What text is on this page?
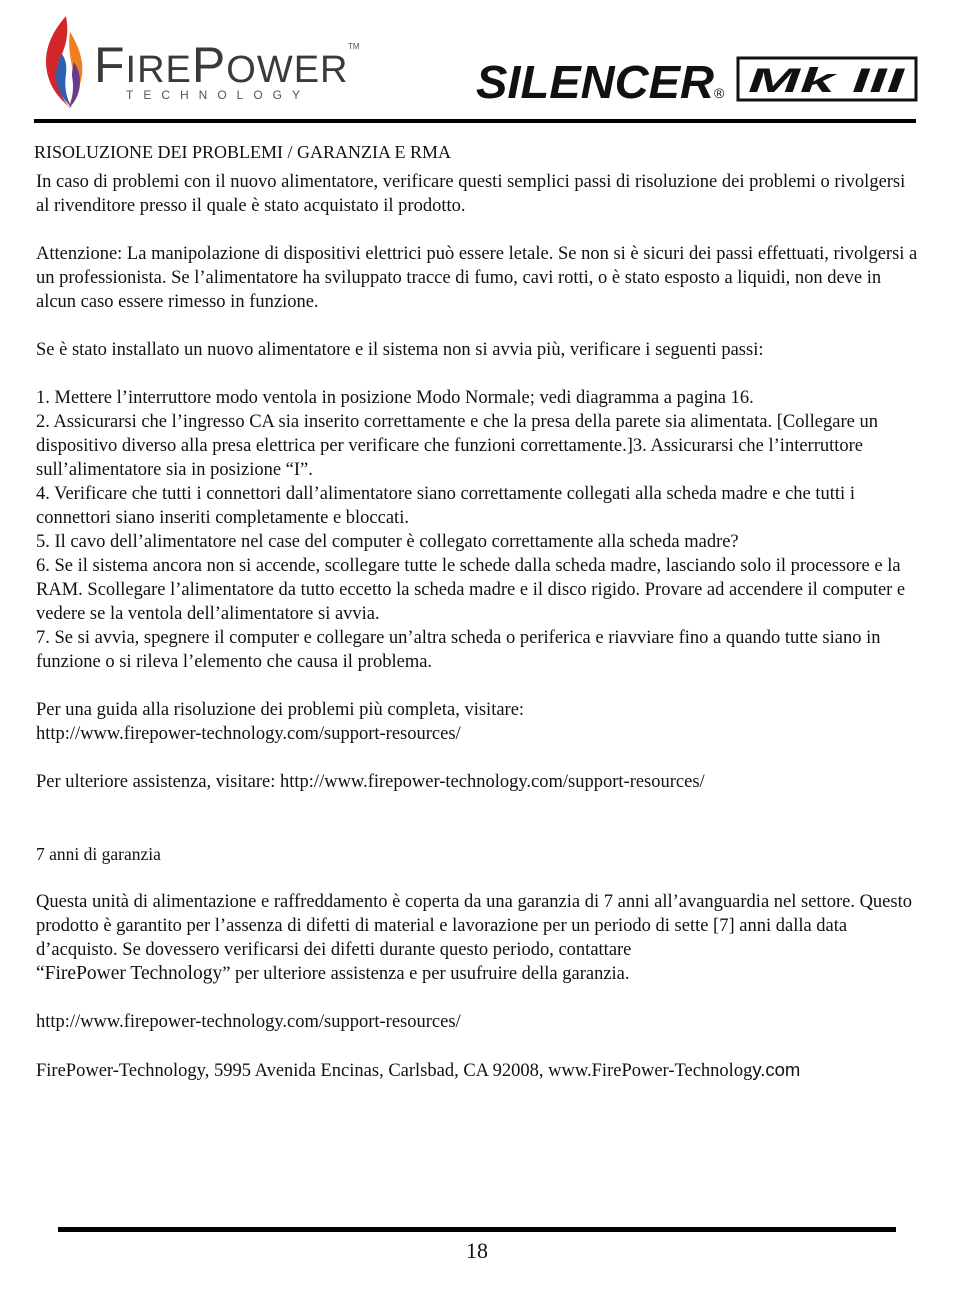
FIREPOWER
TM
TECHNOLOGY	SILENCER ® Mk III
RISOLUZIONE DEI PROBLEMI / GARANZIA E RMA

In caso di problemi con il nuovo alimentatore, verificare questi semplici passi di risoluzione dei problemi o rivolgersi al rivenditore presso il quale è stato acquistato il prodotto.

Attenzione: La manipolazione di dispositivi elettrici può essere letale. Se non si è sicuri dei passi effettuati, rivolgersi a un professionista. Se l’alimentatore ha sviluppato tracce di fumo, cavi rotti, o è stato esposto a liquidi, non deve in alcun caso essere rimesso in funzione.

Se è stato installato un nuovo alimentatore e il sistema non si avvia più, verificare i seguenti passi:

1. Mettere l’interruttore modo ventola in posizione Modo Normale; vedi diagramma a pagina 16.

2. Assicurarsi che l’ingresso CA sia inserito correttamente e che la presa della parete sia alimentata. [Collegare un dispositivo diverso alla presa elettrica per verificare che funzioni correttamente.]3. Assicurarsi che l’interruttore sull’alimentatore sia in posizione “I”.

4. Verificare che tutti i connettori dall’alimentatore siano correttamente collegati alla scheda madre e che tutti i connettori siano inseriti completamente e bloccati.

5. Il cavo dell’alimentatore nel case del computer è collegato correttamente alla scheda madre?

6. Se il sistema ancora non si accende, scollegare tutte le schede dalla scheda madre, lasciando solo il processore e la RAM. Scollegare l’alimentatore da tutto eccetto la scheda madre e il disco rigido. Provare ad accendere il computer e vedere se la ventola dell’alimentatore si avvia.

7. Se si avvia, spegnere il computer e collegare un’altra scheda o periferica e riavviare fino a quando tutte siano in funzione o si rileva l’elemento che causa il problema.

Per una guida alla risoluzione dei problemi più completa, visitare:

http://www.firepower-technology.com/support-resources/

Per ulteriore assistenza, visitare: http://www.firepower-technology.com/support-resources/

7 anni di garanzia

Questa unità di alimentazione e raffreddamento è coperta da una garanzia di 7 anni all’avanguardia nel settore. Questo prodotto è garantito per l’assenza di difetti di material e lavorazione per un periodo di sette [7] anni dalla data d’acquisto. Se dovessero verificarsi dei difetti durante questo periodo, contattare

“FirePower Technology” per ulteriore assistenza e per usufruire della garanzia.

http://www.firepower-technology.com/support-resources/

FirePower-Technology, 5995 Avenida Encinas, Carlsbad, CA 92008, www.FirePower-Technology.com

18
